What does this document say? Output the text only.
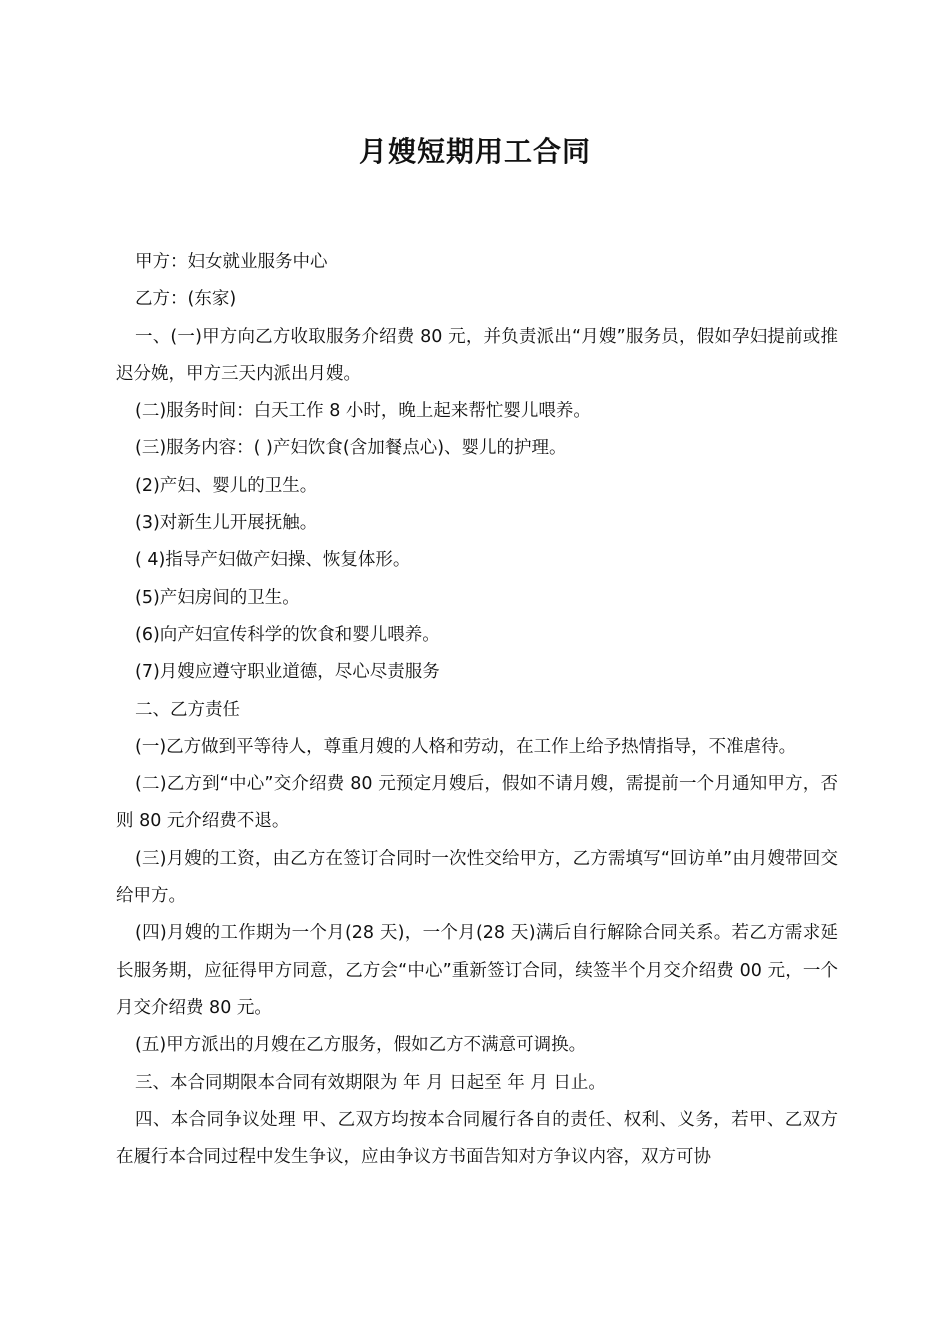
月嫂短期用工合同

甲方：妇女就业服务中心

乙方：(东家)

一、(一)甲方向乙方收取服务介绍费 80 元，并负责派出“月嫂”服务员，假如孕妇提前或推迟分娩，甲方三天内派出月嫂。

(二)服务时间：白天工作 8 小时，晚上起来帮忙婴儿喂养。

(三)服务内容：( )产妇饮食(含加餐点心)、婴儿的护理。

(2)产妇、婴儿的卫生。

(3)对新生儿开展抚触。

( 4)指导产妇做产妇操、恢复体形。

(5)产妇房间的卫生。

(6)向产妇宣传科学的饮食和婴儿喂养。

(7)月嫂应遵守职业道德，尽心尽责服务

二、乙方责任

(一)乙方做到平等待人，尊重月嫂的人格和劳动，在工作上给予热情指导，不准虐待。

(二)乙方到“中心”交介绍费 80 元预定月嫂后，假如不请月嫂，需提前一个月通知甲方，否则 80 元介绍费不退。

(三)月嫂的工资，由乙方在签订合同时一次性交给甲方，乙方需填写“回访单”由月嫂带回交给甲方。

(四)月嫂的工作期为一个月(28 天)，一个月(28 天)满后自行解除合同关系。若乙方需求延长服务期，应征得甲方同意，乙方会“中心”重新签订合同，续签半个月交介绍费 00 元，一个月交介绍费 80 元。

(五)甲方派出的月嫂在乙方服务，假如乙方不满意可调换。

三、本合同期限本合同有效期限为 年 月 日起至 年 月 日止。

四、本合同争议处理 甲、乙双方均按本合同履行各自的责任、权利、义务，若甲、乙双方在履行本合同过程中发生争议，应由争议方书面告知对方争议内容，双方可协
